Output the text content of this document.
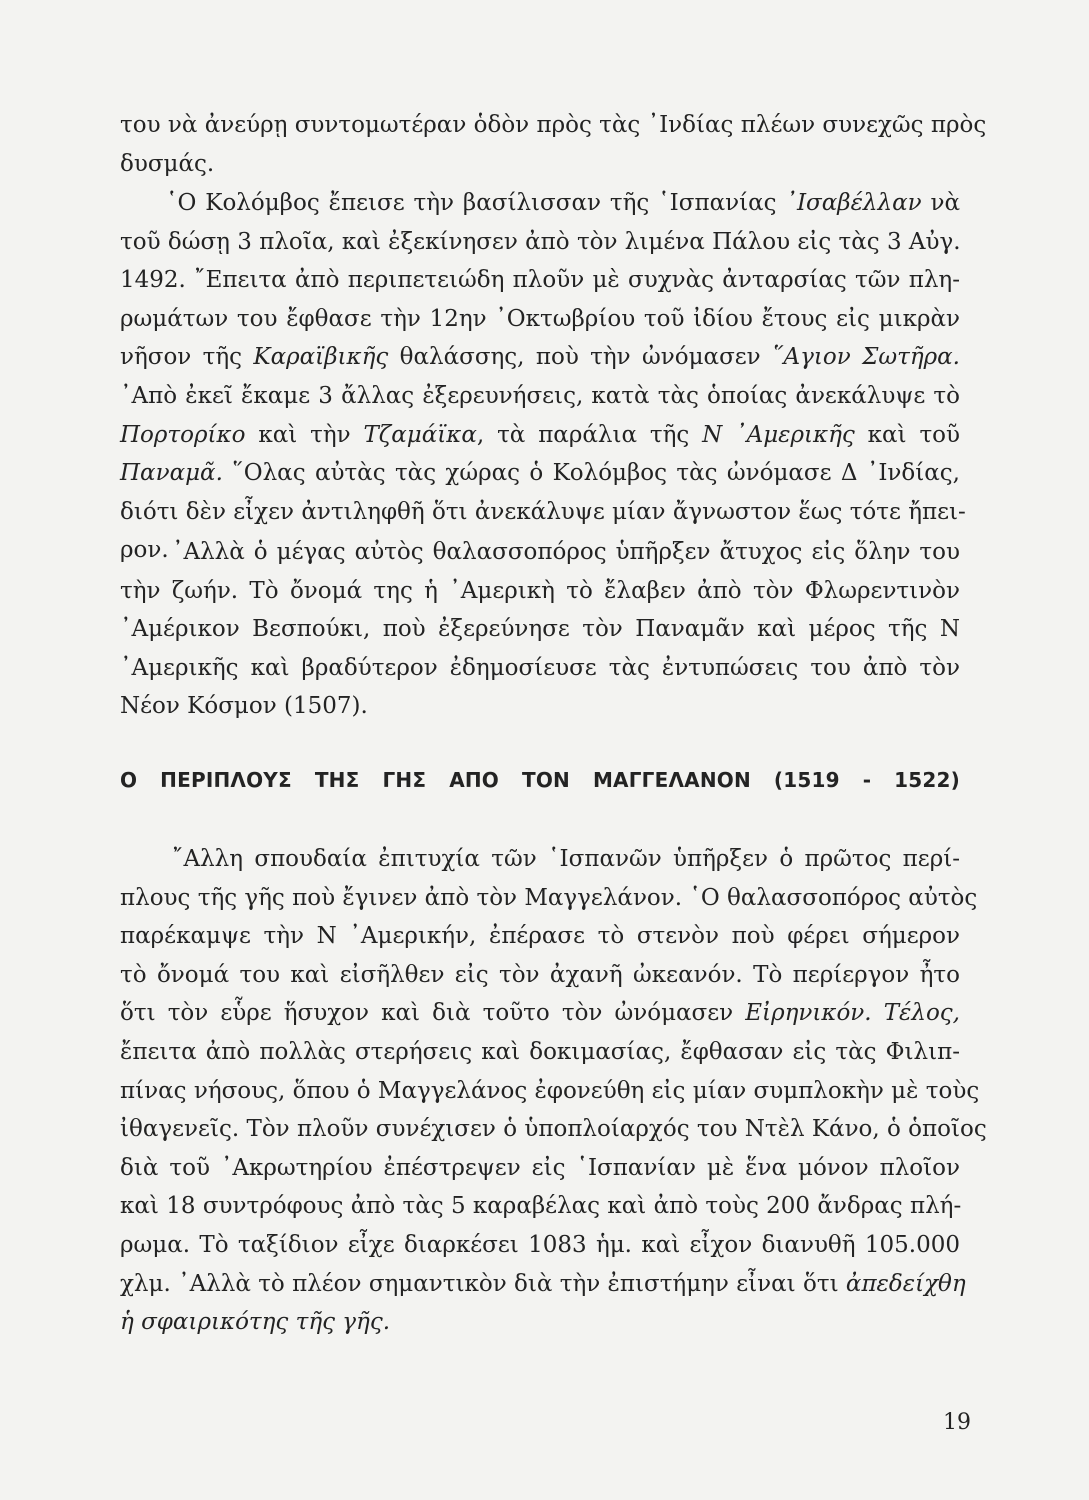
του νὰ ἀνεύρῃ συντομωτέραν ὁδὸν πρὸς τὰς ᾿Ινδίας πλέων συνεχῶς πρὸς
δυσμάς.
῾Ο Κολόμβος ἔπεισε τὴν βασίλισσαν τῆς ῾Ισπανίας ᾿Ισαβέλλαν νὰ
τοῦ δώσῃ 3 πλοῖα, καὶ ἐξεκίνησεν ἀπὸ τὸν λιμένα Πάλου εἰς τὰς 3 Αὐγ.
1492. ῎Επειτα ἀπὸ περιπετειώδη πλοῦν μὲ συχνὰς ἀνταρσίας τῶν πλη-
ρωμάτων του ἔφθασε τὴν 12ην ᾿Οκτωβρίου τοῦ ἰδίου ἔτους εἰς μικρὰν
νῆσον τῆς Καραϊβικῆς θαλάσσης, ποὺ τὴν ὠνόμασεν ῞Αγιον Σωτῆρα.
᾿Απὸ ἐκεῖ ἔκαμε 3 ἄλλας ἐξερευνήσεις, κατὰ τὰς ὁποίας ἀνεκάλυψε τὸ
Πορτορίκο καὶ τὴν Τζαμάϊκα, τὰ παράλια τῆς Ν ᾿Αμερικῆς καὶ τοῦ
Παναμᾶ. ῞Ολας αὐτὰς τὰς χώρας ὁ Κολόμβος τὰς ὠνόμασε Δ ᾿Ινδίας,
διότι δὲν εἶχεν ἀντιληφθῆ ὅτι ἀνεκάλυψε μίαν ἄγνωστον ἕως τότε ἤπει-
ρον. ᾿Αλλὰ ὁ μέγας αὐτὸς θαλασσοπόρος ὑπῆρξεν ἄτυχος εἰς ὅλην του
τὴν ζωήν. Τὸ ὄνομά της ἡ ᾿Αμερικὴ τὸ ἔλαβεν ἀπὸ τὸν Φλωρεντινὸν
᾿Αμέρικον Βεσπούκι, ποὺ ἐξερεύνησε τὸν Παναμᾶν καὶ μέρος τῆς Ν
᾿Αμερικῆς καὶ βραδύτερον ἐδημοσίευσε τὰς ἐντυπώσεις του ἀπὸ τὸν
Νέον Κόσμον (1507).
Ο ΠΕΡΙΠΛΟΥΣ ΤΗΣ ΓΗΣ ΑΠΟ ΤΟΝ ΜΑΓΓΕΛΑΝΟΝ (1519 - 1522)
῎Αλλη σπουδαία ἐπιτυχία τῶν ῾Ισπανῶν ὑπῆρξεν ὁ πρῶτος περί-
πλους τῆς γῆς ποὺ ἔγινεν ἀπὸ τὸν Μαγγελάνον. ῾Ο θαλασσοπόρος αὐτὸς
παρέκαμψε τὴν Ν ᾿Αμερικήν, ἐπέρασε τὸ στενὸν ποὺ φέρει σήμερον
τὸ ὄνομά του καὶ εἰσῆλθεν εἰς τὸν ἀχανῆ ὠκεανόν. Τὸ περίεργον ἦτο
ὅτι τὸν εὗρε ἥσυχον καὶ διὰ τοῦτο τὸν ὠνόμασεν Εἰρηνικόν. Τέλος,
ἔπειτα ἀπὸ πολλὰς στερήσεις καὶ δοκιμασίας, ἔφθασαν εἰς τὰς Φιλιπ-
πίνας νήσους, ὅπου ὁ Μαγγελάνος ἐφονεύθη εἰς μίαν συμπλοκὴν μὲ τοὺς
ἰθαγενεῖς. Τὸν πλοῦν συνέχισεν ὁ ὑποπλοίαρχός του Ντὲλ Κάνο, ὁ ὁποῖος
διὰ τοῦ ᾿Ακρωτηρίου ἐπέστρεψεν εἰς ῾Ισπανίαν μὲ ἕνα μόνον πλοῖον
καὶ 18 συντρόφους ἀπὸ τὰς 5 καραβέλας καὶ ἀπὸ τοὺς 200 ἄνδρας πλή-
ρωμα. Τὸ ταξίδιον εἶχε διαρκέσει 1083 ἡμ. καὶ εἶχον διανυθῆ 105.000
χλμ. ᾿Αλλὰ τὸ πλέον σημαντικὸν διὰ τὴν ἐπιστήμην εἶναι ὅτι ἀπεδείχθη
ἡ σφαιρικότης τῆς γῆς.
19
